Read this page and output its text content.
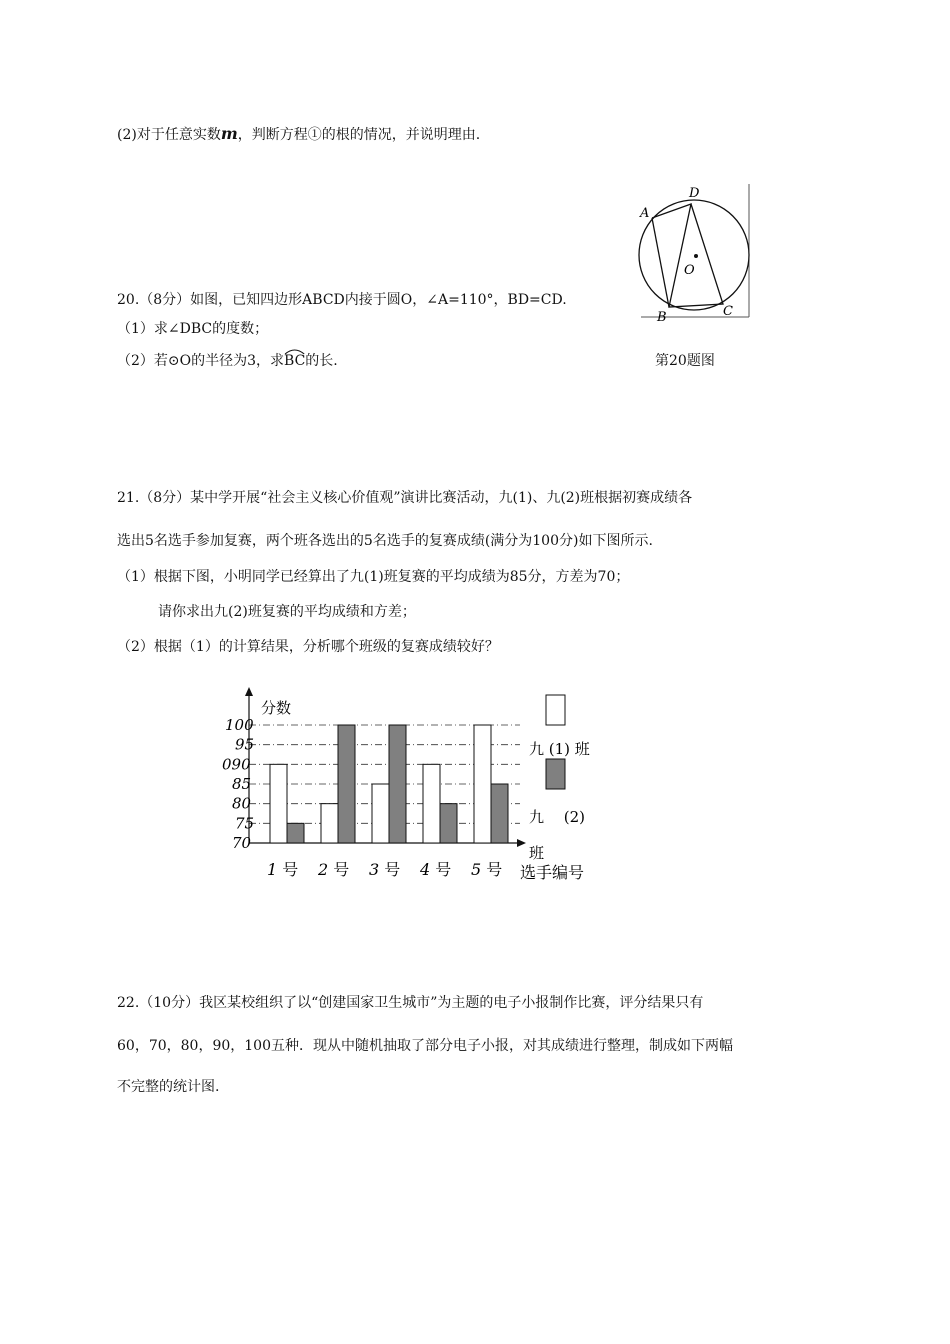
(2)对于任意实数m，判断方程①的根的情况，并说明理由.
20.（8分）如图，已知四边形ABCD内接于圆O，∠A=110°，BD=CD.
（1）求∠DBC的度数；
（2）若⊙O的半径为3，求
BC的长.
A
B	C
D
O
第20题图
21.（8分）某中学开展“社会主义核心价值观”演讲比赛活动，九(1)、九(2)班根据初赛成绩各
选出5名选手参加复赛，两个班各选出的5名选手的复赛成绩(满分为100分)如下图所示.
（1）根据下图，小明同学已经算出了九(1)班复赛的平均成绩为85分，方差为70；
请你求出九(2)班复赛的平均成绩和方差；
（2）根据（1）的计算结果，分析哪个班级的复赛成绩较好？
分数
100
95
090
85
80
75
70
1 号 2 号 3 号 4 号 5 号
九 (1) 班
九 　(2)
班
选手编号
22.（10分）我区某校组织了以“创建国家卫生城市”为主题的电子小报制作比赛，评分结果只有
60，70，80，90，100五种．现从中随机抽取了部分电子小报，对其成绩进行整理，制成如下两幅
不完整的统计图.
